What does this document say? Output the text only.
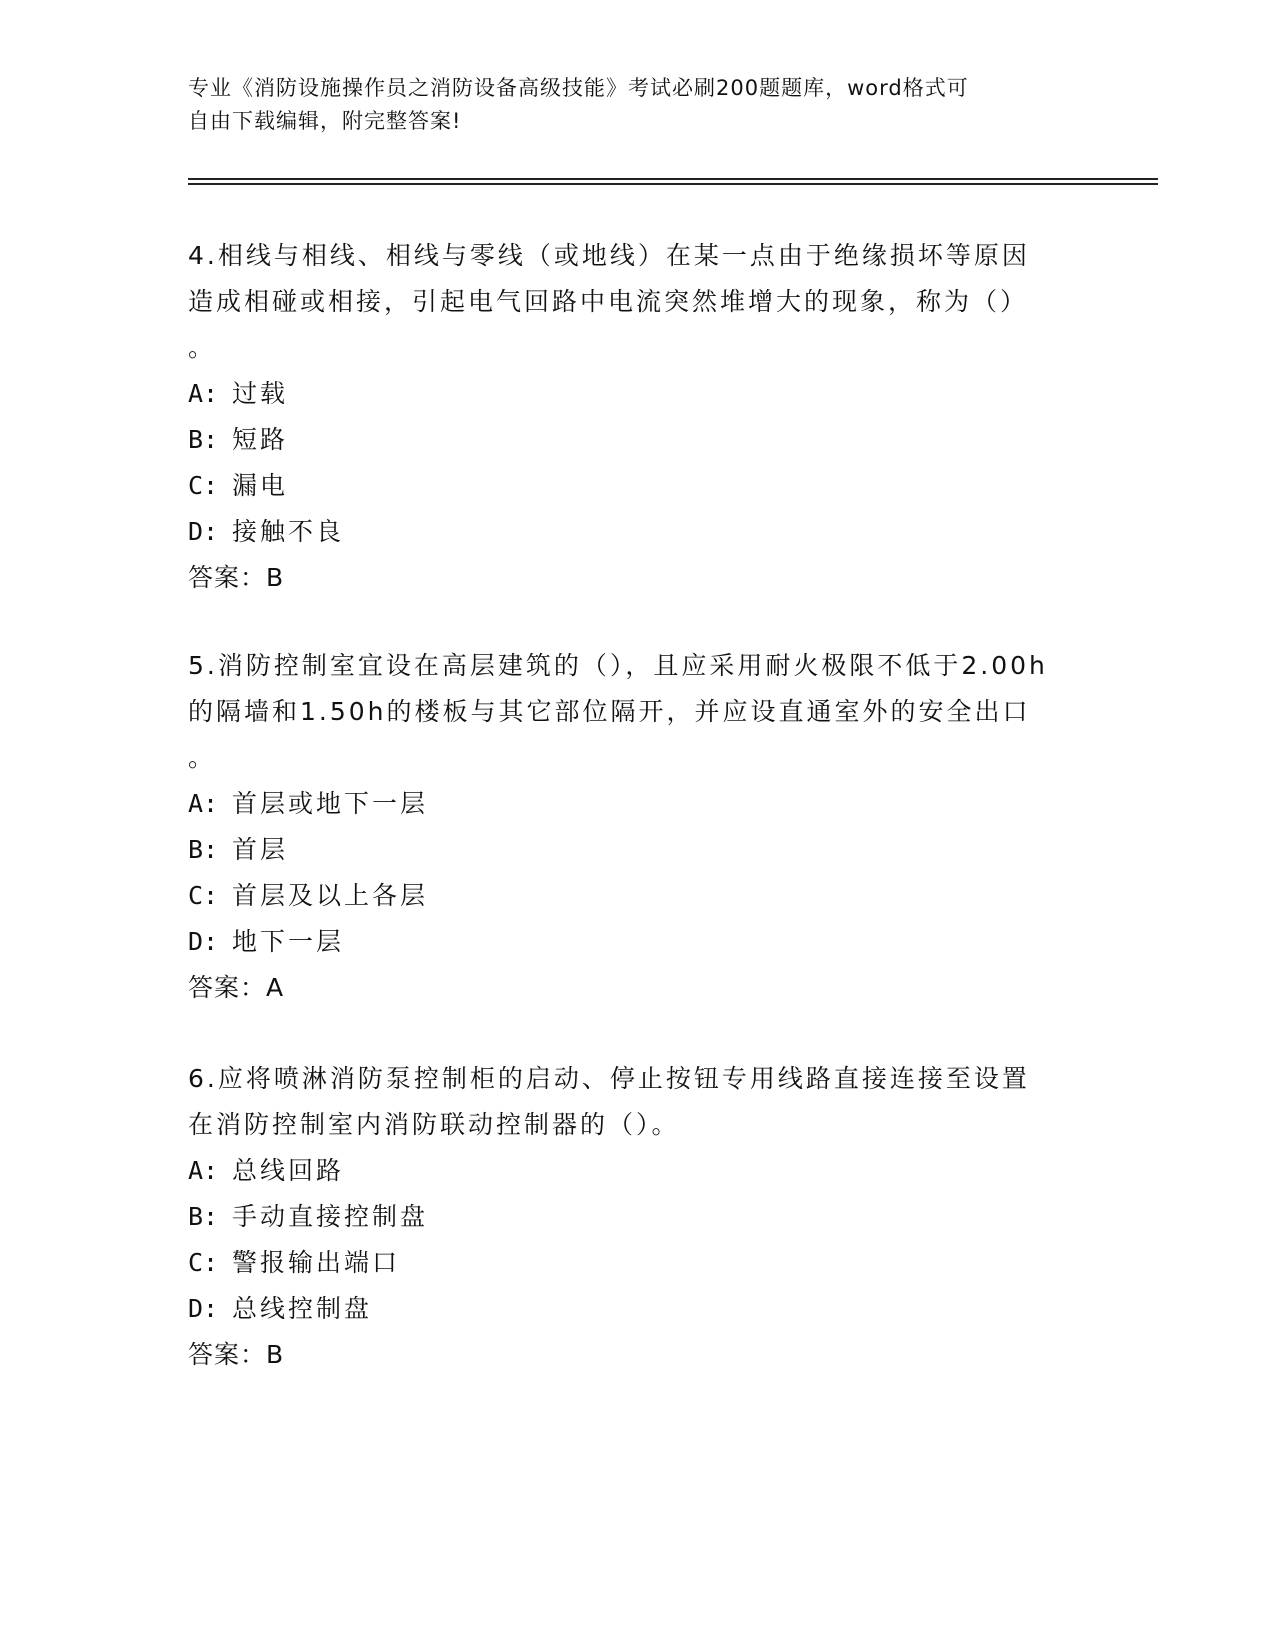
专业《消防设施操作员之消防设备高级技能》考试必刷200题题库，word格式可
自由下载编辑，附完整答案!
4.相线与相线、相线与零线（或地线）在某一点由于绝缘损坏等原因
造成相碰或相接，引起电气回路中电流突然堆增大的现象，称为（）
。
A: 过载
B: 短路
C: 漏电
D: 接触不良
答案：B
5.消防控制室宜设在高层建筑的（），且应采用耐火极限不低于2.00h
的隔墙和1.50h的楼板与其它部位隔开，并应设直通室外的安全出口
。
A: 首层或地下一层
B: 首层
C: 首层及以上各层
D: 地下一层
答案：A
6.应将喷淋消防泵控制柜的启动、停止按钮专用线路直接连接至设置
在消防控制室内消防联动控制器的（）。
A: 总线回路
B: 手动直接控制盘
C: 警报输出端口
D: 总线控制盘
答案：B
